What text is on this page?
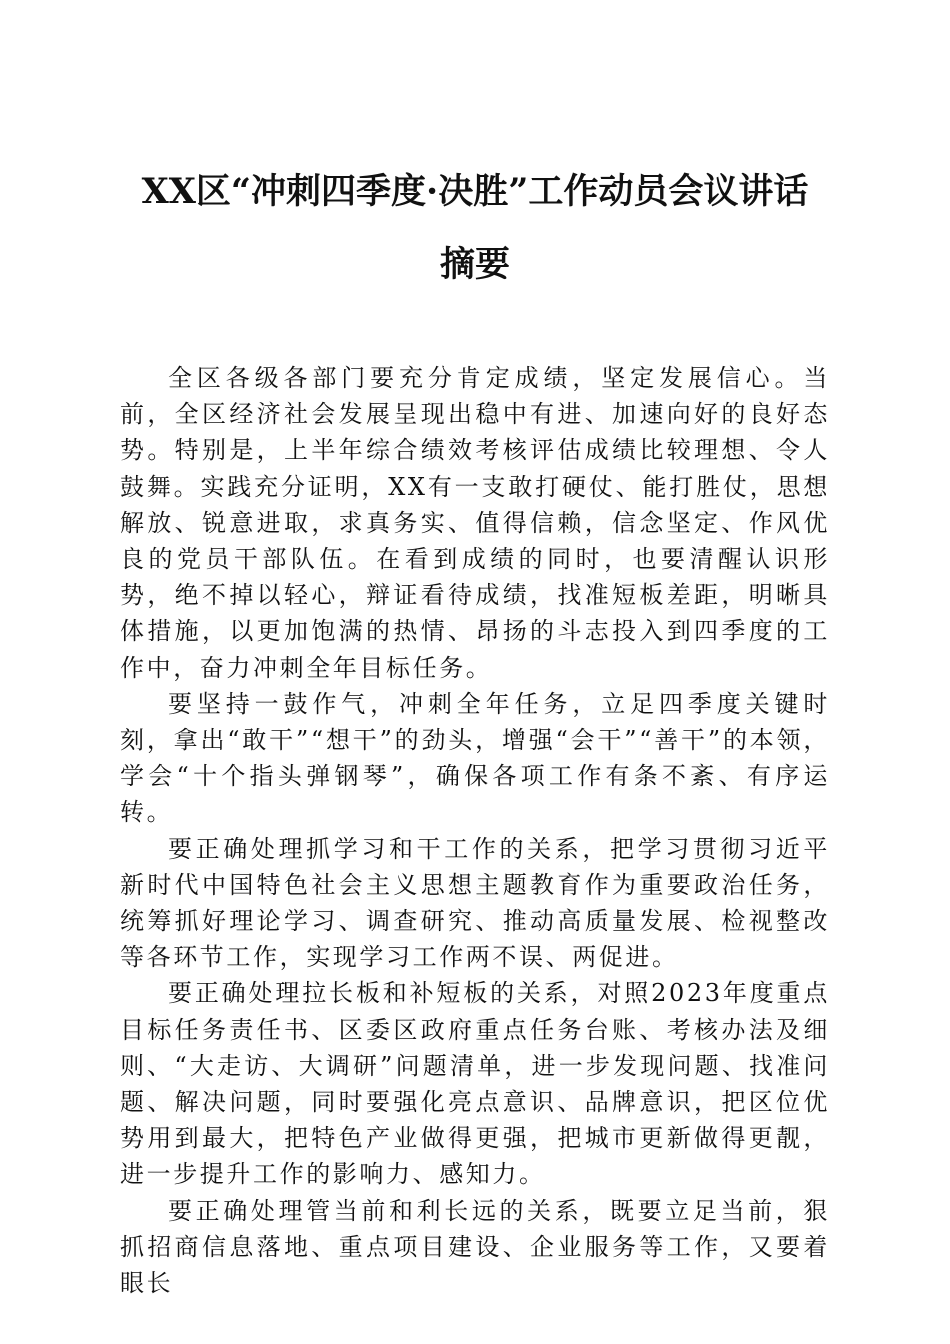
XX区“冲刺四季度·决胜”工作动员会议讲话
摘要

全区各级各部门要充分肯定成绩，坚定发展信心。当前，全区经济社会发展呈现出稳中有进、加速向好的良好态势。特别是，上半年综合绩效考核评估成绩比较理想、令人鼓舞。实践充分证明，XX有一支敢打硬仗、能打胜仗，思想解放、锐意进取，求真务实、值得信赖，信念坚定、作风优良的党员干部队伍。在看到成绩的同时，也要清醒认识形势，绝不掉以轻心，辩证看待成绩，找准短板差距，明晰具体措施，以更加饱满的热情、昂扬的斗志投入到四季度的工作中，奋力冲刺全年目标任务。

要坚持一鼓作气，冲刺全年任务，立足四季度关键时刻，拿出“敢干”“想干”的劲头，增强“会干”“善干”的本领，学会“十个指头弹钢琴”，确保各项工作有条不紊、有序运转。

要正确处理抓学习和干工作的关系，把学习贯彻习近平新时代中国特色社会主义思想主题教育作为重要政治任务，统筹抓好理论学习、调查研究、推动高质量发展、检视整改等各环节工作，实现学习工作两不误、两促进。

要正确处理拉长板和补短板的关系，对照2023年度重点目标任务责任书、区委区政府重点任务台账、考核办法及细则、“大走访、大调研”问题清单，进一步发现问题、找准问题、解决问题，同时要强化亮点意识、品牌意识，把区位优势用到最大，把特色产业做得更强，把城市更新做得更靓，进一步提升工作的影响力、感知力。

要正确处理管当前和利长远的关系，既要立足当前，狠抓招商信息落地、重点项目建设、企业服务等工作，又要着眼长
